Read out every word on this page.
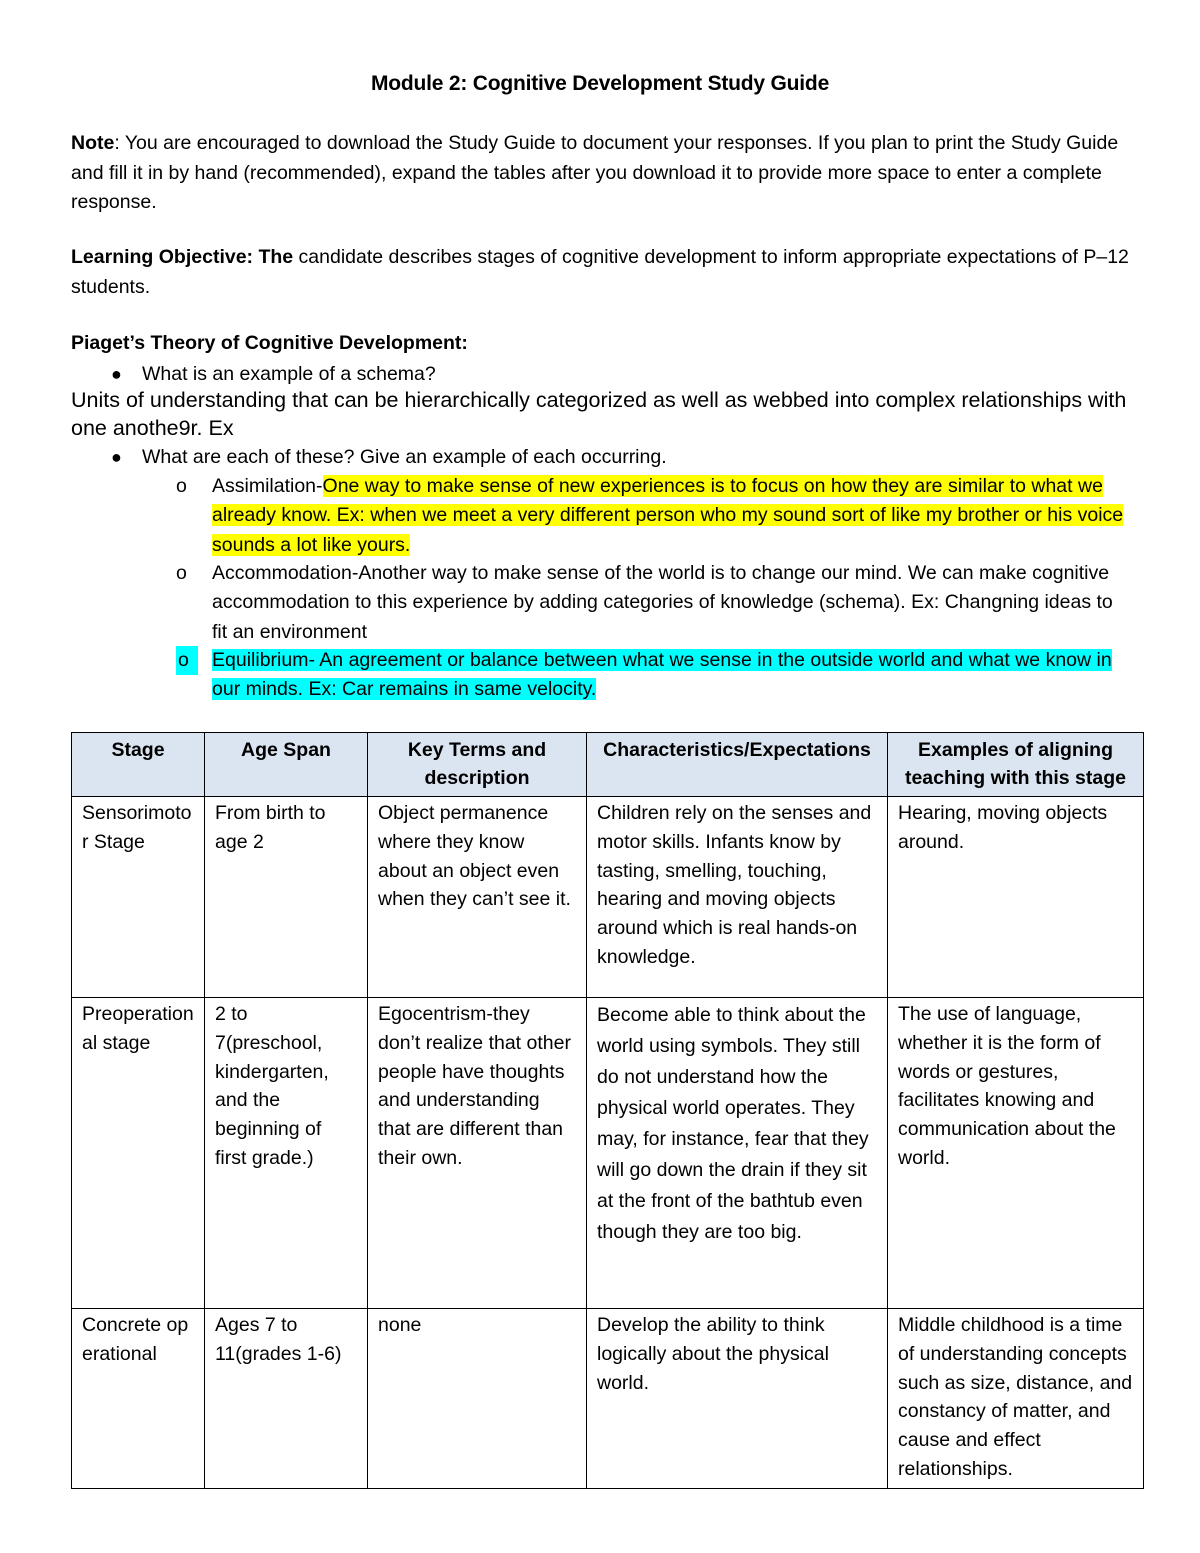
Module 2: Cognitive Development Study Guide
Note: You are encouraged to download the Study Guide to document your responses. If you plan to print the Study Guide and fill it in by hand (recommended), expand the tables after you download it to provide more space to enter a complete response.
Learning Objective: The candidate describes stages of cognitive development to inform appropriate expectations of P–12 students.
Piaget’s Theory of Cognitive Development:
● What is an example of a schema?
Units of understanding that can be hierarchically categorized as well as webbed into complex relationships with one anothe9r. Ex
● What are each of these? Give an example of each occurring.
o	Assimilation-One way to make sense of new experiences is to focus on how they are similar to what we already know. Ex: when we meet a very different person who my sound sort of like my brother or his voice sounds a lot like yours.
o	Accommodation-Another way to make sense of the world is to change our mind. We can make cognitive accommodation to this experience by adding categories of knowledge (schema). Ex: Changning ideas to fit an environment
o	Equilibrium- An agreement or balance between what we sense in the outside world and what we know in our minds. Ex: Car remains in same velocity.
Stage	Age Span	Key Terms and description	Characteristics/Expectations	Examples of aligning teaching with this stage
Sensorimotor Stage	From birth to age 2	Object permanence where they know about an object even when they can’t see it.	Children rely on the senses and motor skills. Infants know by tasting, smelling, touching, hearing and moving objects around which is real hands-on knowledge.	Hearing, moving objects around.
Preoperational stage	2 to 7(preschool, kindergarten, and the beginning of first grade.)	Egocentrism-they don’t realize that other people have thoughts and understanding that are different than their own.	Become able to think about the world using symbols. They still do not understand how the physical world operates. They may, for instance, fear that they will go down the drain if they sit at the front of the bathtub even though they are too big.	The use of language, whether it is the form of words or gestures, facilitates knowing and communication about the world.
Concrete operational	Ages 7 to 11(grades 1-6)	none	Develop the ability to think logically about the physical world.	Middle childhood is a time of understanding concepts such as size, distance, and constancy of matter, and cause and effect relationships.
